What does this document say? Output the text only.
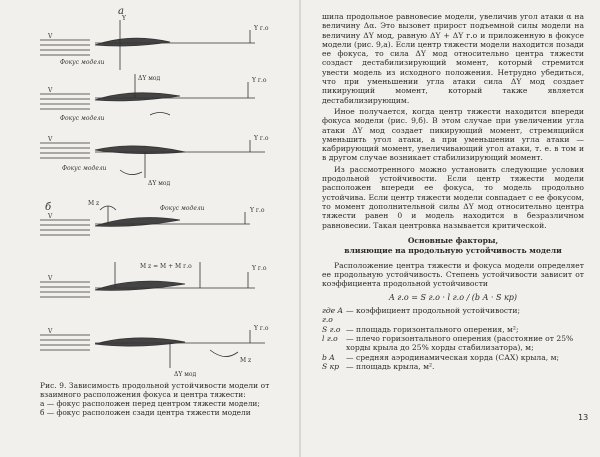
a
б
V
V
V
V
V
V
Фокус модели
Фокус модели
Фокус модели
Фокус модели
Y
Y г.о
ΔY мод	Y г.о
ΔY мод
Y г.о
M z
Y г.о
M z = M + M г.о	Y г.о
ΔY мод
M z
Y г.о
Рис. 9. Зависимость продольной устойчивости модели от
взаимного расположения фокуса и центра тяжести:
а — фокус расположен перед центром тяжести модели;
б — фокус расположен сзади центра тяжести модели

шила продольное равновесие модели, увеличив угол атаки α на величину Δα. Это вызовет прирост подъемной силы модели на величину ΔY мод, равную ΔY + ΔY г.о и приложенную в фокусе модели (рис. 9,а). Если центр тяжести модели находится позади ее фокуса, то сила ΔY мод относительно центра тяжести создаст дестабилизирующий момент, который стремится увести модель из исходного положения. Нетрудно убедиться, что при уменьшении угла атаки сила ΔY мод создает пикирующий момент, который также является дестабилизирующим.

Иное получается, когда центр тяжести находится впереди фокуса модели (рис. 9,б). В этом случае при увеличении угла атаки ΔY мод создает пикирующий момент, стремящийся уменьшить угол атаки, а при уменьшении угла атаки — кабрирующий момент, увеличивающий угол атаки, т. е. в том и в другом случае возникает стабилизирующий момент.

Из рассмотренного можно установить следующие условия продольной устойчивости. Если центр тяжести модели расположен впереди ее фокуса, то модель продольно устойчива. Если центр тяжести модели совпадает с ее фокусом, то момент дополнительной силы ΔY мод относительно центра тяжести равен 0 и модель находится в безразличном равновесии. Такая центровка называется критической.

Основные факторы,
влияющие на продольную устойчивость модели

Расположение центра тяжести и фокуса модели определяет ее продольную устойчивость. Степень устойчивости зависит от коэффициента продольной устойчивости

A г.о = S г.о · l г.о / (b A · S кр)
где A г.о
— коэффициент продольной устойчивости;
S г.о — площадь горизонтального оперения, м²;
l г.о	— плечо горизонтального оперения (расстояние от 25% хорды крыла до 25% хорды стабилизатора), м;
b A	— средняя аэродинамическая хорда (САХ) крыла, м;
S кр — площадь крыла, м².
13
